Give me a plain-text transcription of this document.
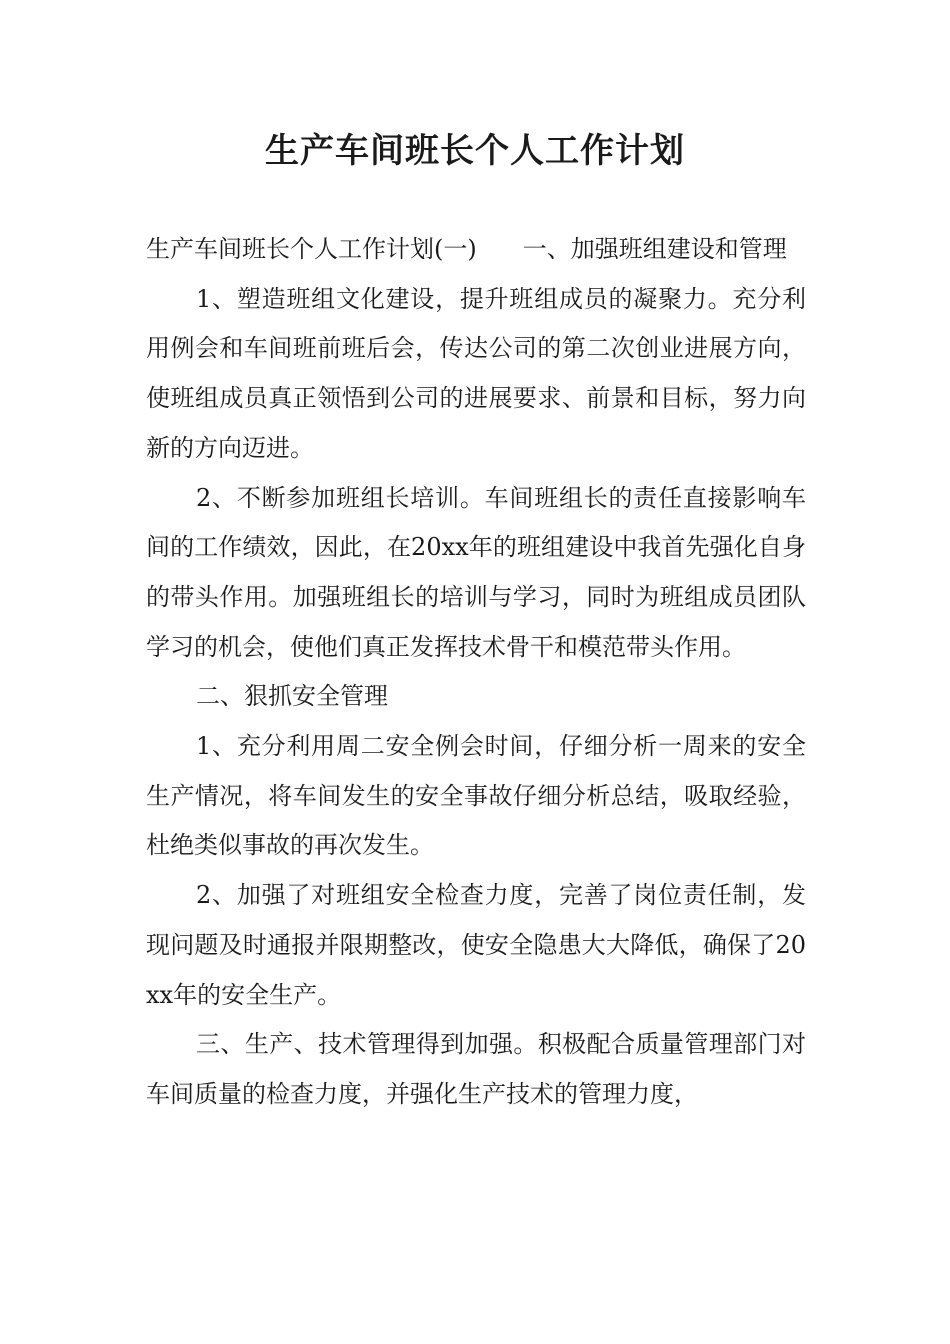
生产车间班长个人工作计划

生产车间班长个人工作计划(一) 一、加强班组建设和管理

1、塑造班组文化建设，提升班组成员的凝聚力。充分利用例会和车间班前班后会，传达公司的第二次创业进展方向，使班组成员真正领悟到公司的进展要求、前景和目标，努力向新的方向迈进。

2、不断参加班组长培训。车间班组长的责任直接影响车间的工作绩效，因此，在20xx年的班组建设中我首先强化自身的带头作用。加强班组长的培训与学习，同时为班组成员团队学习的机会，使他们真正发挥技术骨干和模范带头作用。

二、狠抓安全管理

1、充分利用周二安全例会时间，仔细分析一周来的安全生产情况，将车间发生的安全事故仔细分析总结，吸取经验，杜绝类似事故的再次发生。

2、加强了对班组安全检查力度，完善了岗位责任制，发现问题及时通报并限期整改，使安全隐患大大降低，确保了20xx年的安全生产。

三、生产、技术管理得到加强。积极配合质量管理部门对车间质量的检查力度，并强化生产技术的管理力度，
